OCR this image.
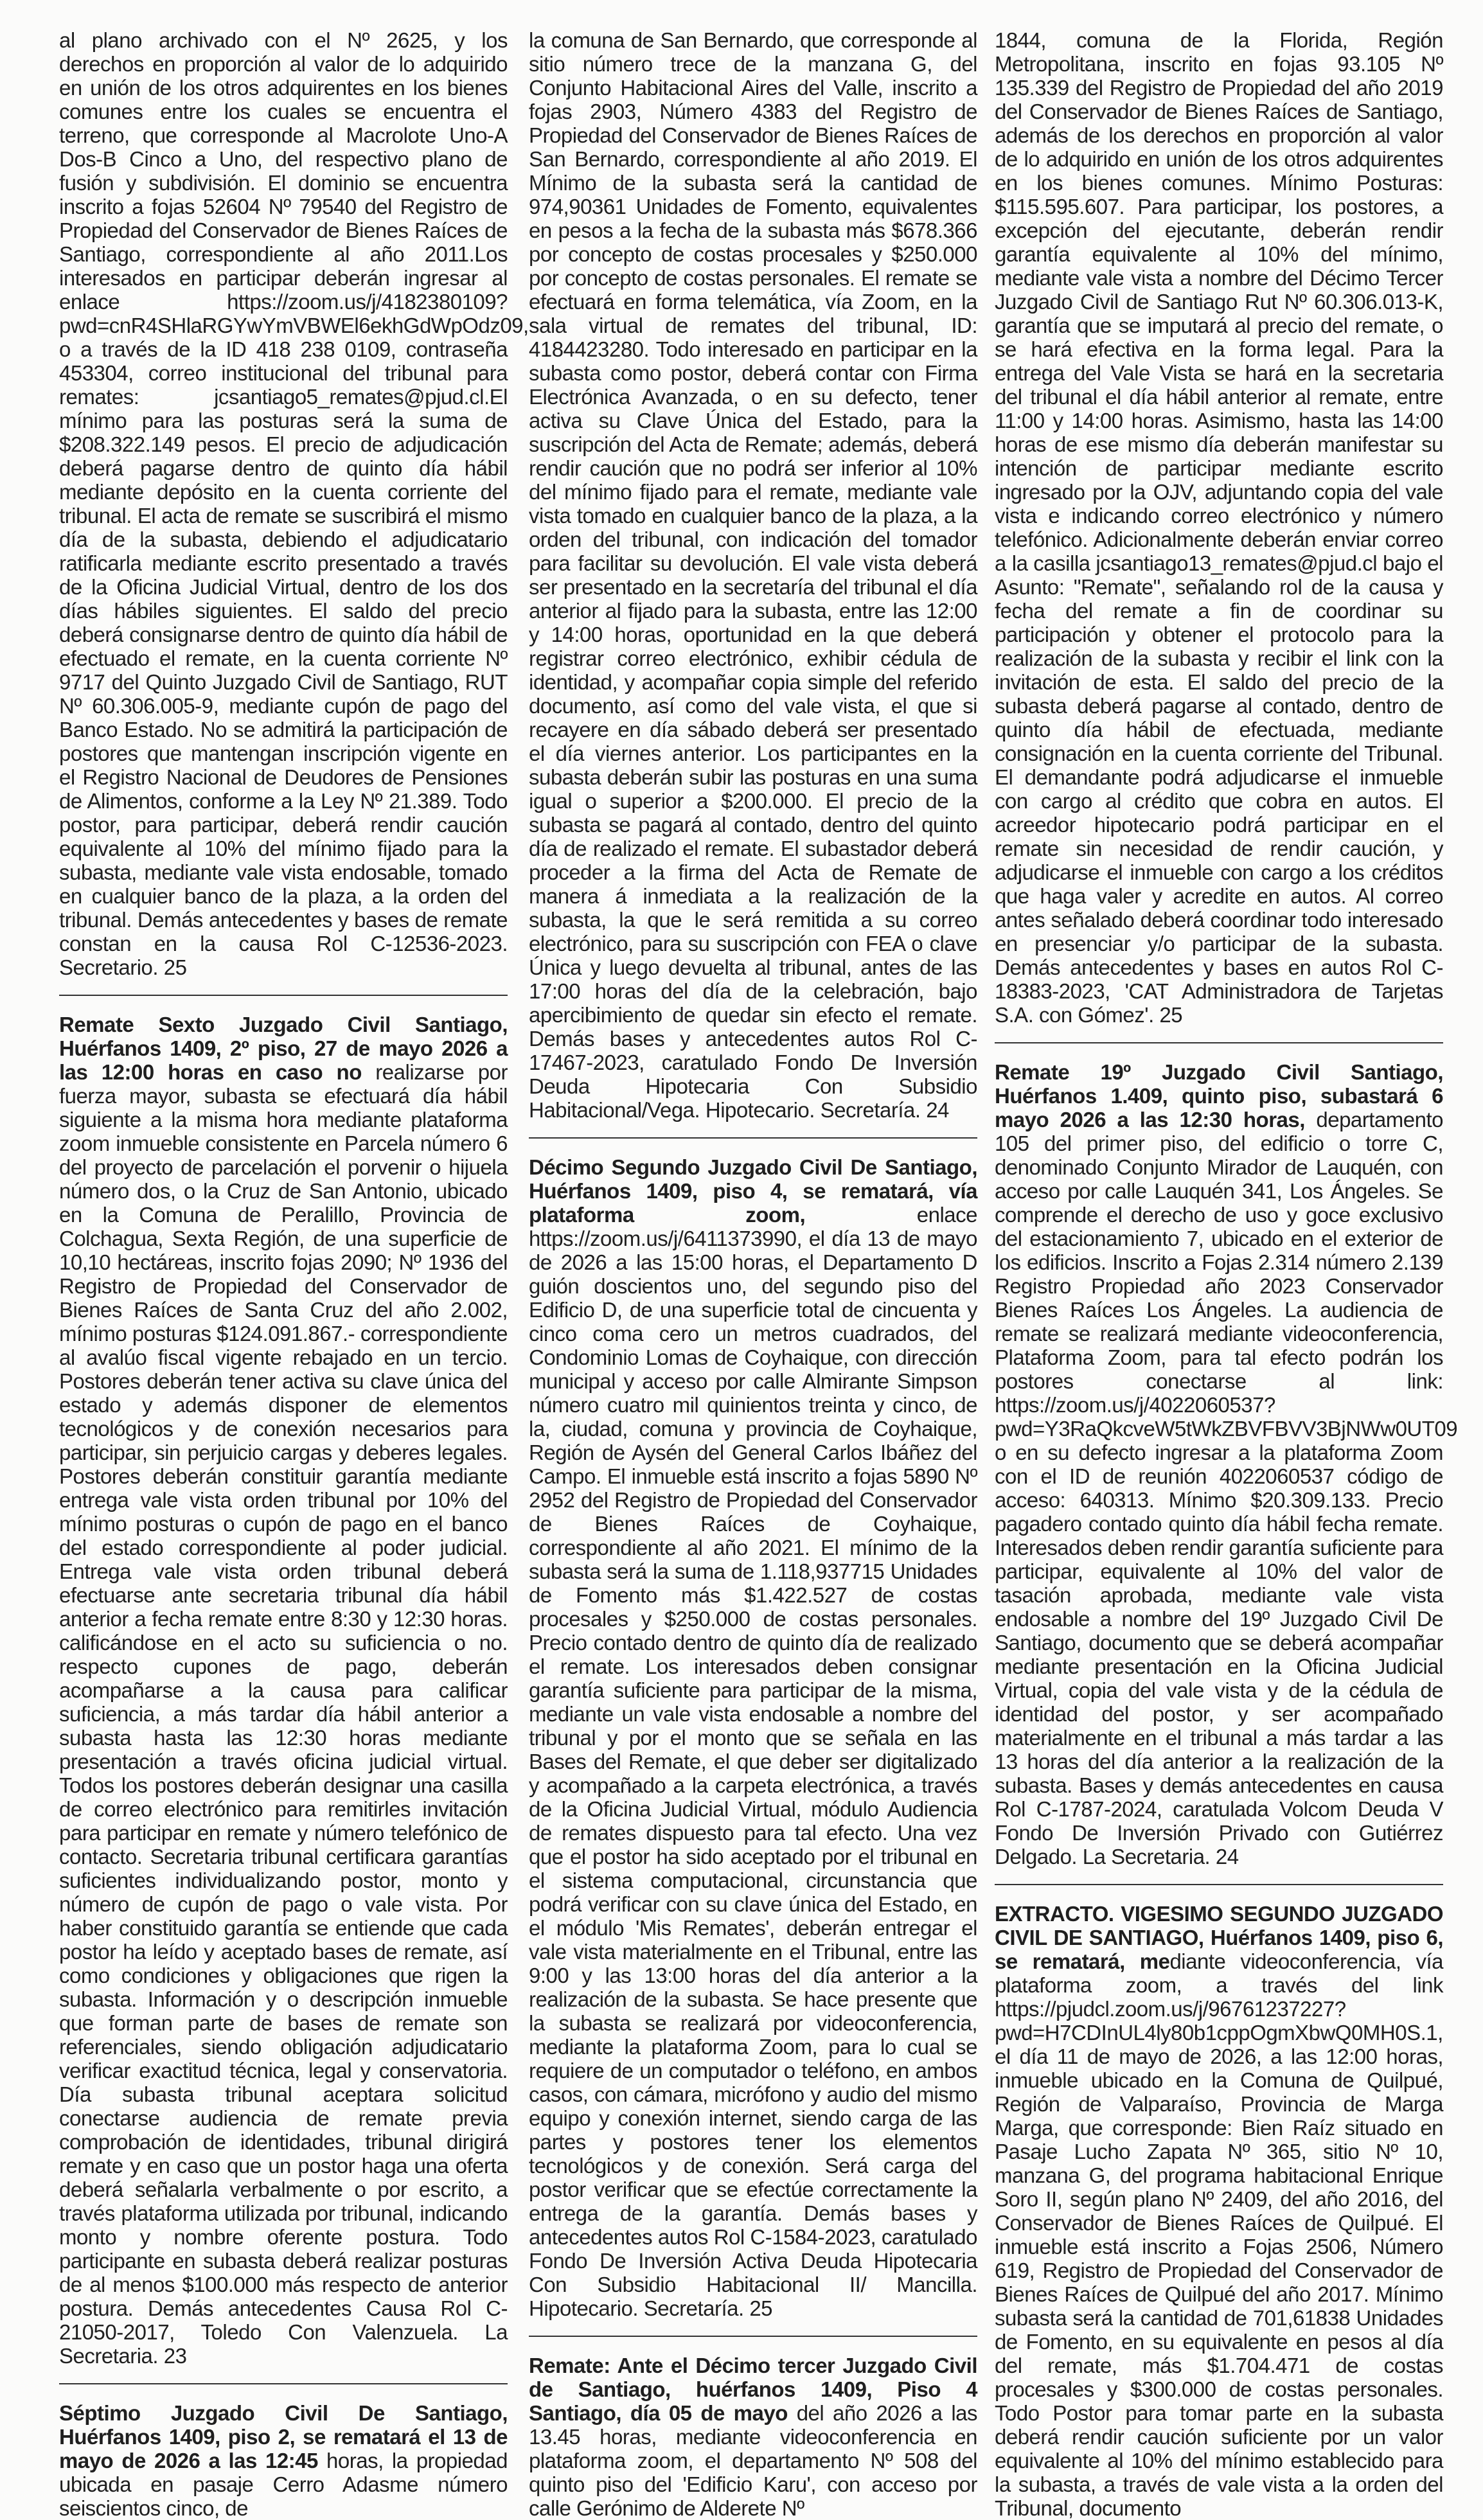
al plano archivado con el Nº 2625, y los derechos en proporción al valor de lo adquirido en unión de los otros adquirentes en los bienes comunes entre los cuales se encuentra el terreno, que corresponde al Macrolote Uno-A Dos-B Cinco a Uno, del respectivo plano de fusión y subdivisión. El dominio se encuentra inscrito a fojas 52604 Nº 79540 del Registro de Propiedad del Conservador de Bienes Raíces de Santiago, correspondiente al año 2011.Los interesados en participar deberán ingresar al enlace https://zoom.us/j/4182380109?pwd=cnR4SHlaRGYwYmVBWEl6ekhGdWpOdz09, o a través de la ID 418 238 0109, contraseña 453304, correo institucional del tribunal para remates: jcsantiago5_remates@pjud.cl.El mínimo para las posturas será la suma de $208.322.149 pesos. El precio de adjudicación deberá pagarse dentro de quinto día hábil mediante depósito en la cuenta corriente del tribunal. El acta de remate se suscribirá el mismo día de la subasta, debiendo el adjudicatario ratificarla mediante escrito presentado a través de la Oficina Judicial Virtual, dentro de los dos días hábiles siguientes. El saldo del precio deberá consignarse dentro de quinto día hábil de efectuado el remate, en la cuenta corriente Nº 9717 del Quinto Juzgado Civil de Santiago, RUT Nº 60.306.005-9, mediante cupón de pago del Banco Estado. No se admitirá la participación de postores que mantengan inscripción vigente en el Registro Nacional de Deudores de Pensiones de Alimentos, conforme a la Ley Nº 21.389. Todo postor, para participar, deberá rendir caución equivalente al 10% del mínimo fijado para la subasta, mediante vale vista endosable, tomado en cualquier banco de la plaza, a la orden del tribunal. Demás antecedentes y bases de remate constan en la causa Rol C-12536-2023. Secretario. 25

Remate Sexto Juzgado Civil Santiago, Huérfanos 1409, 2º piso, 27 de mayo 2026 a las 12:00 horas en caso no realizarse por fuerza mayor, subasta se efectuará día hábil siguiente a la misma hora mediante plataforma zoom inmueble consistente en Parcela número 6 del proyecto de parcelación el porvenir o hijuela número dos, o la Cruz de San Antonio, ubicado en la Comuna de Peralillo, Provincia de Colchagua, Sexta Región, de una superficie de 10,10 hectáreas, inscrito fojas 2090; Nº 1936 del Registro de Propiedad del Conservador de Bienes Raíces de Santa Cruz del año 2.002, mínimo posturas $124.091.867.- correspondiente al avalúo fiscal vigente rebajado en un tercio. Postores deberán tener activa su clave única del estado y además disponer de elementos tecnológicos y de conexión necesarios para participar, sin perjuicio cargas y deberes legales. Postores deberán constituir garantía mediante entrega vale vista orden tribunal por 10% del mínimo posturas o cupón de pago en el banco del estado correspondiente al poder judicial. Entrega vale vista orden tribunal deberá efectuarse ante secretaria tribunal día hábil anterior a fecha remate entre 8:30 y 12:30 horas. calificándose en el acto su suficiencia o no. respecto cupones de pago, deberán acompañarse a la causa para calificar suficiencia, a más tardar día hábil anterior a subasta hasta las 12:30 horas mediante presentación a través oficina judicial virtual. Todos los postores deberán designar una casilla de correo electrónico para remitirles invitación para participar en remate y número telefónico de contacto. Secretaria tribunal certificara garantías suficientes individualizando postor, monto y número de cupón de pago o vale vista. Por haber constituido garantía se entiende que cada postor ha leído y aceptado bases de remate, así como condiciones y obligaciones que rigen la subasta. Información y o descripción inmueble que forman parte de bases de remate son referenciales, siendo obligación adjudicatario verificar exactitud técnica, legal y conservatoria. Día subasta tribunal aceptara solicitud conectarse audiencia de remate previa comprobación de identidades, tribunal dirigirá remate y en caso que un postor haga una oferta deberá señalarla verbalmente o por escrito, a través plataforma utilizada por tribunal, indicando monto y nombre oferente postura. Todo participante en subasta deberá realizar posturas de al menos $100.000 más respecto de anterior postura. Demás antecedentes Causa Rol C-21050-2017, Toledo Con Valenzuela. La Secretaria. 23

Séptimo Juzgado Civil De Santiago, Huérfanos 1409, piso 2, se rematará el 13 de mayo de 2026 a las 12:45 horas, la propiedad ubicada en pasaje Cerro Adasme número seiscientos cinco, de

la comuna de San Bernardo, que corresponde al sitio número trece de la manzana G, del Conjunto Habitacional Aires del Valle, inscrito a fojas 2903, Número 4383 del Registro de Propiedad del Conservador de Bienes Raíces de San Bernardo, correspondiente al año 2019. El Mínimo de la subasta será la cantidad de 974,90361 Unidades de Fomento, equivalentes en pesos a la fecha de la subasta más $678.366 por concepto de costas procesales y $250.000 por concepto de costas personales. El remate se efectuará en forma telemática, vía Zoom, en la sala virtual de remates del tribunal, ID: 4184423280. Todo interesado en participar en la subasta como postor, deberá contar con Firma Electrónica Avanzada, o en su defecto, tener activa su Clave Única del Estado, para la suscripción del Acta de Remate; además, deberá rendir caución que no podrá ser inferior al 10% del mínimo fijado para el remate, mediante vale vista tomado en cualquier banco de la plaza, a la orden del tribunal, con indicación del tomador para facilitar su devolución. El vale vista deberá ser presentado en la secretaría del tribunal el día anterior al fijado para la subasta, entre las 12:00 y 14:00 horas, oportunidad en la que deberá registrar correo electrónico, exhibir cédula de identidad, y acompañar copia simple del referido documento, así como del vale vista, el que si recayere en día sábado deberá ser presentado el día viernes anterior. Los participantes en la subasta deberán subir las posturas en una suma igual o superior a $200.000. El precio de la subasta se pagará al contado, dentro del quinto día de realizado el remate. El subastador deberá proceder a la firma del Acta de Remate de manera á inmediata a la realización de la subasta, la que le será remitida a su correo electrónico, para su suscripción con FEA o clave Única y luego devuelta al tribunal, antes de las 17:00 horas del día de la celebración, bajo apercibimiento de quedar sin efecto el remate. Demás bases y antecedentes autos Rol C-17467-2023, caratulado Fondo De Inversión Deuda Hipotecaria Con Subsidio Habitacional/Vega. Hipotecario. Secretaría. 24

Décimo Segundo Juzgado Civil De Santiago, Huérfanos 1409, piso 4, se rematará, vía plataforma zoom, enlace https://zoom.us/j/6411373990, el día 13 de mayo de 2026 a las 15:00 horas, el Departamento D guión doscientos uno, del segundo piso del Edificio D, de una superficie total de cincuenta y cinco coma cero un metros cuadrados, del Condominio Lomas de Coyhaique, con dirección municipal y acceso por calle Almirante Simpson número cuatro mil quinientos treinta y cinco, de la, ciudad, comuna y provincia de Coyhaique, Región de Aysén del General Carlos Ibáñez del Campo. El inmueble está inscrito a fojas 5890 Nº 2952 del Registro de Propiedad del Conservador de Bienes Raíces de Coyhaique, correspondiente al año 2021. El mínimo de la subasta será la suma de 1.118,937715 Unidades de Fomento más $1.422.527 de costas procesales y $250.000 de costas personales. Precio contado dentro de quinto día de realizado el remate. Los interesados deben consignar garantía suficiente para participar de la misma, mediante un vale vista endosable a nombre del tribunal y por el monto que se señala en las Bases del Remate, el que deber ser digitalizado y acompañado a la carpeta electrónica, a través de la Oficina Judicial Virtual, módulo Audiencia de remates dispuesto para tal efecto. Una vez que el postor ha sido aceptado por el tribunal en el sistema computacional, circunstancia que podrá verificar con su clave única del Estado, en el módulo 'Mis Remates', deberán entregar el vale vista materialmente en el Tribunal, entre las 9:00 y las 13:00 horas del día anterior a la realización de la subasta. Se hace presente que la subasta se realizará por videoconferencia, mediante la plataforma Zoom, para lo cual se requiere de un computador o teléfono, en ambos casos, con cámara, micrófono y audio del mismo equipo y conexión internet, siendo carga de las partes y postores tener los elementos tecnológicos y de conexión. Será carga del postor verificar que se efectúe correctamente la entrega de la garantía. Demás bases y antecedentes autos Rol C-1584-2023, caratulado Fondo De Inversión Activa Deuda Hipotecaria Con Subsidio Habitacional II/ Mancilla. Hipotecario. Secretaría. 25

Remate: Ante el Décimo tercer Juzgado Civil de Santiago, huérfanos 1409, Piso 4 Santiago, día 05 de mayo del año 2026 a las 13.45 horas, mediante videoconferencia en plataforma zoom, el departamento Nº 508 del quinto piso del 'Edificio Karu', con acceso por calle Gerónimo de Alderete Nº

1844, comuna de la Florida, Región Metropolitana, inscrito en fojas 93.105 Nº 135.339 del Registro de Propiedad del año 2019 del Conservador de Bienes Raíces de Santiago, además de los derechos en proporción al valor de lo adquirido en unión de los otros adquirentes en los bienes comunes. Mínimo Posturas: $115.595.607. Para participar, los postores, a excepción del ejecutante, deberán rendir garantía equivalente al 10% del mínimo, mediante vale vista a nombre del Décimo Tercer Juzgado Civil de Santiago Rut Nº 60.306.013-K, garantía que se imputará al precio del remate, o se hará efectiva en la forma legal. Para la entrega del Vale Vista se hará en la secretaria del tribunal el día hábil anterior al remate, entre 11:00 y 14:00 horas. Asimismo, hasta las 14:00 horas de ese mismo día deberán manifestar su intención de participar mediante escrito ingresado por la OJV, adjuntando copia del vale vista e indicando correo electrónico y número telefónico. Adicionalmente deberán enviar correo a la casilla jcsantiago13_remates@pjud.cl bajo el Asunto: "Remate", señalando rol de la causa y fecha del remate a fin de coordinar su participación y obtener el protocolo para la realización de la subasta y recibir el link con la invitación de esta. El saldo del precio de la subasta deberá pagarse al contado, dentro de quinto día hábil de efectuada, mediante consignación en la cuenta corriente del Tribunal. El demandante podrá adjudicarse el inmueble con cargo al crédito que cobra en autos. El acreedor hipotecario podrá participar en el remate sin necesidad de rendir caución, y adjudicarse el inmueble con cargo a los créditos que haga valer y acredite en autos. Al correo antes señalado deberá coordinar todo interesado en presenciar y/o participar de la subasta. Demás antecedentes y bases en autos Rol C-18383-2023, 'CAT Administradora de Tarjetas S.A. con Gómez'. 25

Remate 19º Juzgado Civil Santiago, Huérfanos 1.409, quinto piso, subastará 6 mayo 2026 a las 12:30 horas, departamento 105 del primer piso, del edificio o torre C, denominado Conjunto Mirador de Lauquén, con acceso por calle Lauquén 341, Los Ángeles. Se comprende el derecho de uso y goce exclusivo del estacionamiento 7, ubicado en el exterior de los edificios. Inscrito a Fojas 2.314 número 2.139 Registro Propiedad año 2023 Conservador Bienes Raíces Los Ángeles. La audiencia de remate se realizará mediante videoconferencia, Plataforma Zoom, para tal efecto podrán los postores conectarse al link: https://zoom.us/j/4022060537?pwd=Y3RaQkcveW5tWkZBVFBVV3BjNWw0UT09 o en su defecto ingresar a la plataforma Zoom con el ID de reunión 4022060537 código de acceso: 640313. Mínimo $20.309.133. Precio pagadero contado quinto día hábil fecha remate. Interesados deben rendir garantía suficiente para participar, equivalente al 10% del valor de tasación aprobada, mediante vale vista endosable a nombre del 19º Juzgado Civil De Santiago, documento que se deberá acompañar mediante presentación en la Oficina Judicial Virtual, copia del vale vista y de la cédula de identidad del postor, y ser acompañado materialmente en el tribunal a más tardar a las 13 horas del día anterior a la realización de la subasta. Bases y demás antecedentes en causa Rol C-1787-2024, caratulada Volcom Deuda V Fondo De Inversión Privado con Gutiérrez Delgado. La Secretaria. 24

EXTRACTO. VIGESIMO SEGUNDO JUZGADO CIVIL DE SANTIAGO, Huérfanos 1409, piso 6, se rematará, mediante videoconferencia, vía plataforma zoom, a través del link https://pjudcl.zoom.us/j/96761237227?pwd=H7CDInUL4ly80b1cppOgmXbwQ0MH0S.1, el día 11 de mayo de 2026, a las 12:00 horas, inmueble ubicado en la Comuna de Quilpué, Región de Valparaíso, Provincia de Marga Marga, que corresponde: Bien Raíz situado en Pasaje Lucho Zapata Nº 365, sitio Nº 10, manzana G, del programa habitacional Enrique Soro II, según plano Nº 2409, del año 2016, del Conservador de Bienes Raíces de Quilpué. El inmueble está inscrito a Fojas 2506, Número 619, Registro de Propiedad del Conservador de Bienes Raíces de Quilpué del año 2017. Mínimo subasta será la cantidad de 701,61838 Unidades de Fomento, en su equivalente en pesos al día del remate, más $1.704.471 de costas procesales y $300.000 de costas personales. Todo Postor para tomar parte en la subasta deberá rendir caución suficiente por un valor equivalente al 10% del mínimo establecido para la subasta, a través de vale vista a la orden del Tribunal, documento
